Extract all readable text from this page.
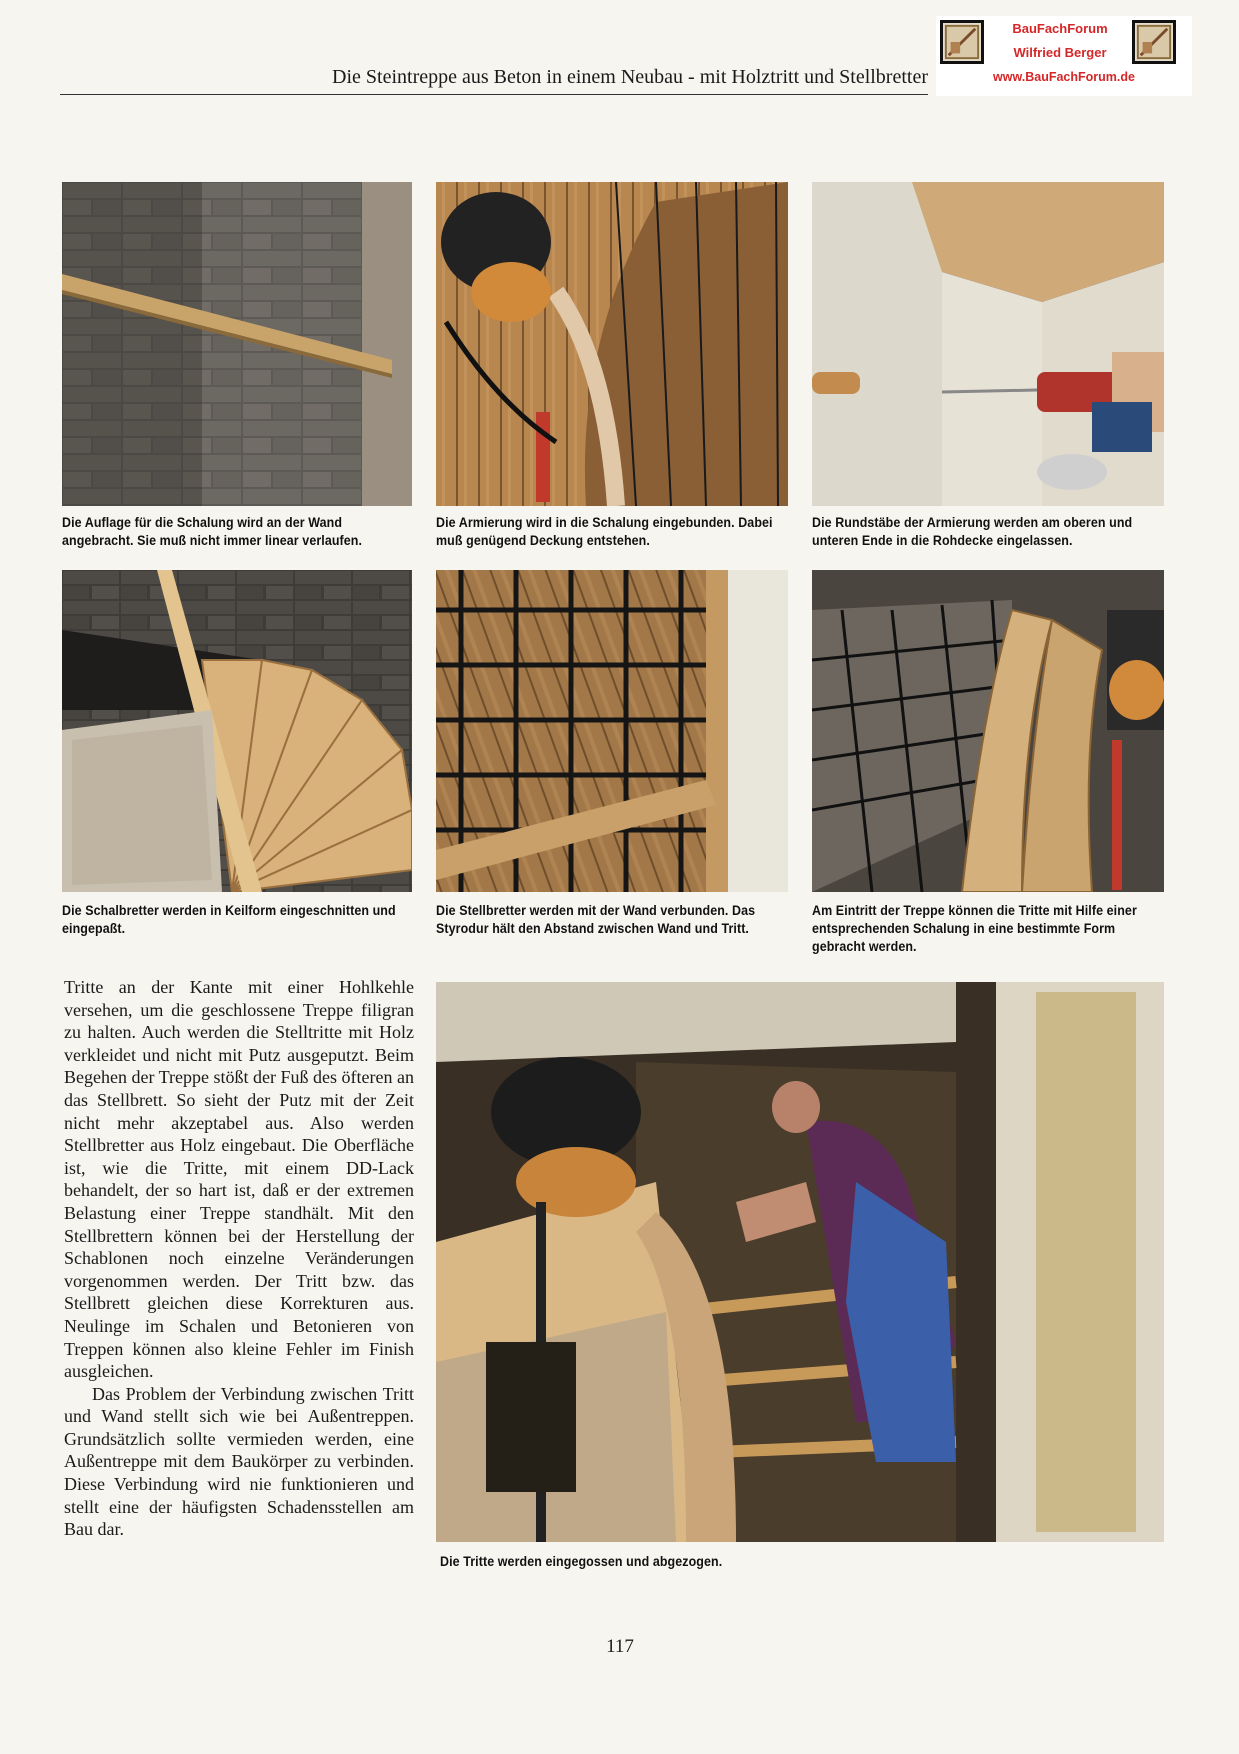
Die Steintreppe aus Beton in einem Neubau - mit Holztritt und Stellbretter
BauFachForum
Wilfried Berger
www.BauFachForum.de
Die Auflage für die Schalung wird an der Wand angebracht. Sie muß nicht immer linear verlaufen.
Die Armierung wird in die Schalung eingebunden. Dabei muß genügend Deckung entstehen.
Die Rundstäbe der Armierung werden am oberen und unteren Ende in die Rohdecke eingelassen.
Die Schalbretter werden in Keilform eingeschnitten und eingepaßt.
Die Stellbretter werden mit der Wand verbunden. Das Styrodur hält den Abstand zwischen Wand und Tritt.
Am Eintritt der Treppe können die Tritte mit Hilfe einer entsprechenden Schalung in eine bestimmte Form gebracht werden.
Die Tritte werden eingegossen und abgezogen.

Tritte an der Kante mit einer Hohlkehle versehen, um die geschlossene Treppe filigran zu halten. Auch werden die Stelltritte mit Holz verkleidet und nicht mit Putz ausgeputzt. Beim Begehen der Treppe stößt der Fuß des öfteren an das Stellbrett. So sieht der Putz mit der Zeit nicht mehr akzeptabel aus. Also werden Stellbretter aus Holz eingebaut. Die Oberfläche ist, wie die Tritte, mit einem DD-Lack behandelt, der so hart ist, daß er der extremen Belastung einer Treppe standhält. Mit den Stellbrettern können bei der Herstellung der Schablonen noch einzelne Veränderungen vorgenommen werden. Der Tritt bzw. das Stellbrett gleichen diese Korrekturen aus. Neulinge im Schalen und Betonieren von Treppen können also kleine Fehler im Finish ausgleichen.

Das Problem der Verbindung zwischen Tritt und Wand stellt sich wie bei Außentreppen. Grundsätzlich sollte vermieden werden, eine Außentreppe mit dem Baukörper zu verbinden. Diese Verbindung wird nie funktionieren und stellt eine der häufigsten Schadensstellen am Bau dar.

117
